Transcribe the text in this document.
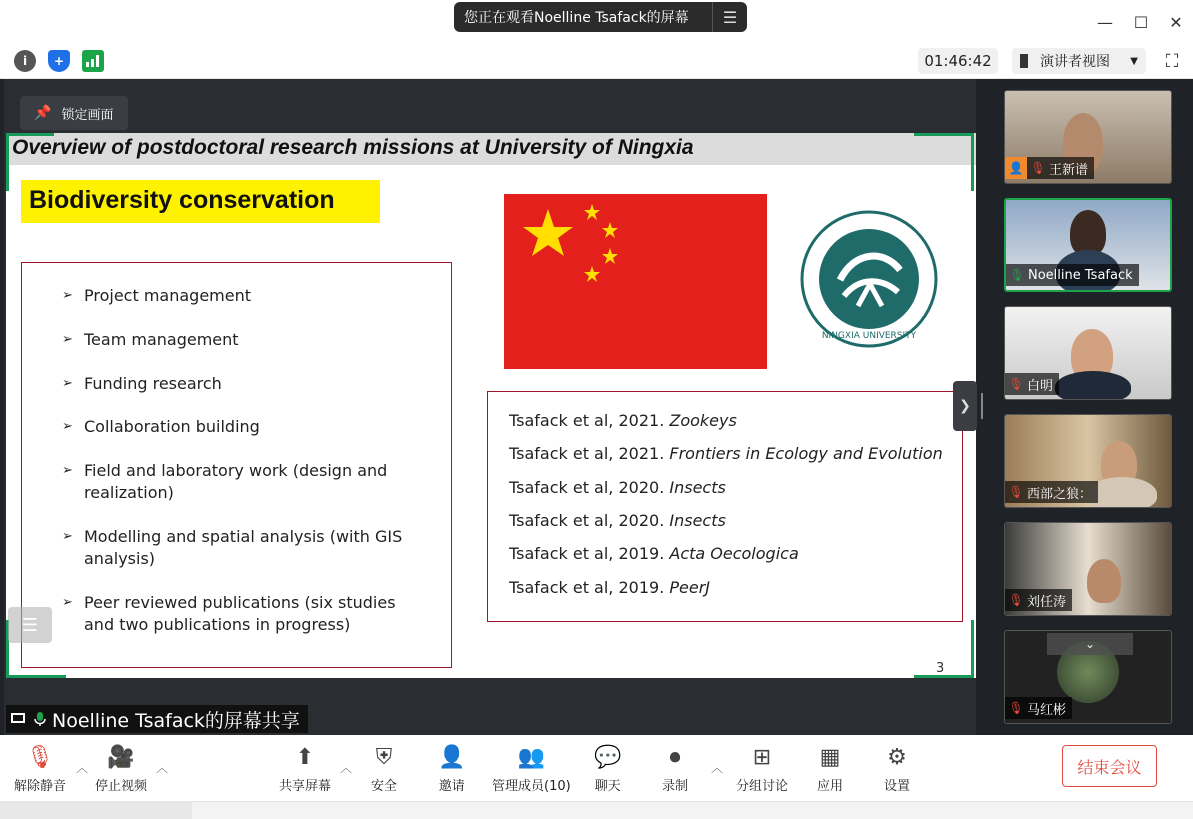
您正在观看Noelline Tsafack的屏幕	☰	—	☐	✕
i	+	01:46:42	演讲者视图 ▼	⛶
📌 锁定画面
Overview of postdoctoral research missions at University of Ningxia
Biodiversity conservation
➢ Project management
➢ Team management
➢ Funding research
➢ Collaboration building
➢ Field and laboratory work (design and realization)
➢ Modelling and spatial analysis (with GIS analysis)
➢ Peer reviewed publications (six studies and two publications in progress)
NINGXIA UNIVERSITY
Tsafack et al, 2021. Zookeys
Tsafack et al, 2021. Frontiers in Ecology and Evolution
Tsafack et al, 2020. Insects
Tsafack et al, 2020. Insects
Tsafack et al, 2019. Acta Oecologica
Tsafack et al, 2019. PeerJ
3
☰
Noelline Tsafack的屏幕共享
❯
👤 🎙 王新谱
🎙 Noelline Tsafack
🎙 白明
🎙 西部之狼：
🎙 刘任涛
⌄
🎙 马红彬
🎙
解除静音
︿ 🎥
停止视频
︿	⬆
共享屏幕
︿ ⛨
安全
👤
邀请
👥
管理成员(10)
💬
聊天
⏺
录制
︿ ⊞
分组讨论
▦
应用
⚙
设置
结束会议
